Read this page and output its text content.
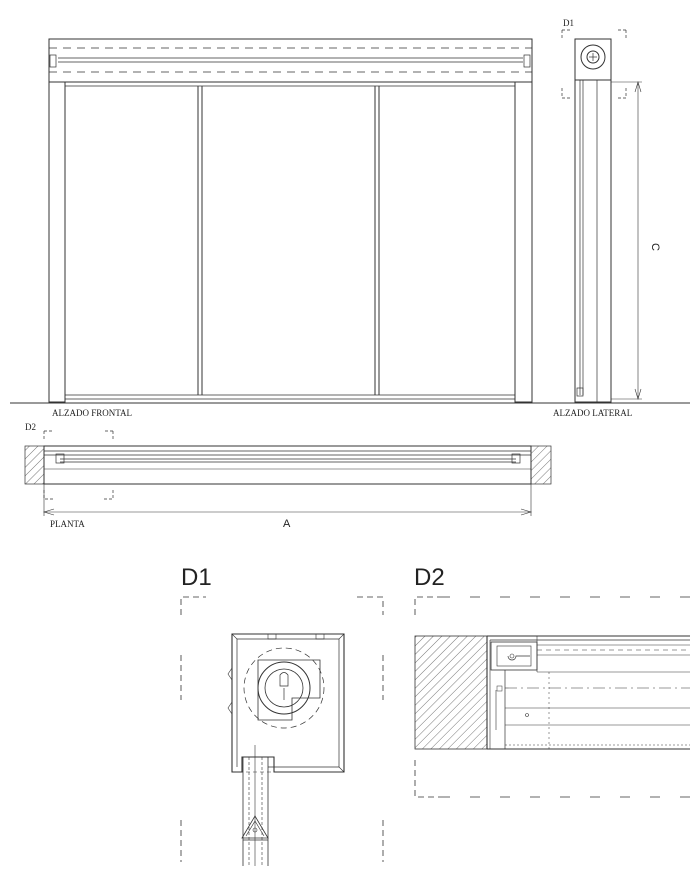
ALZADO FRONTAL	ALZADO LATERAL
PLANTA	A
C
D1
D2
D1	D2
